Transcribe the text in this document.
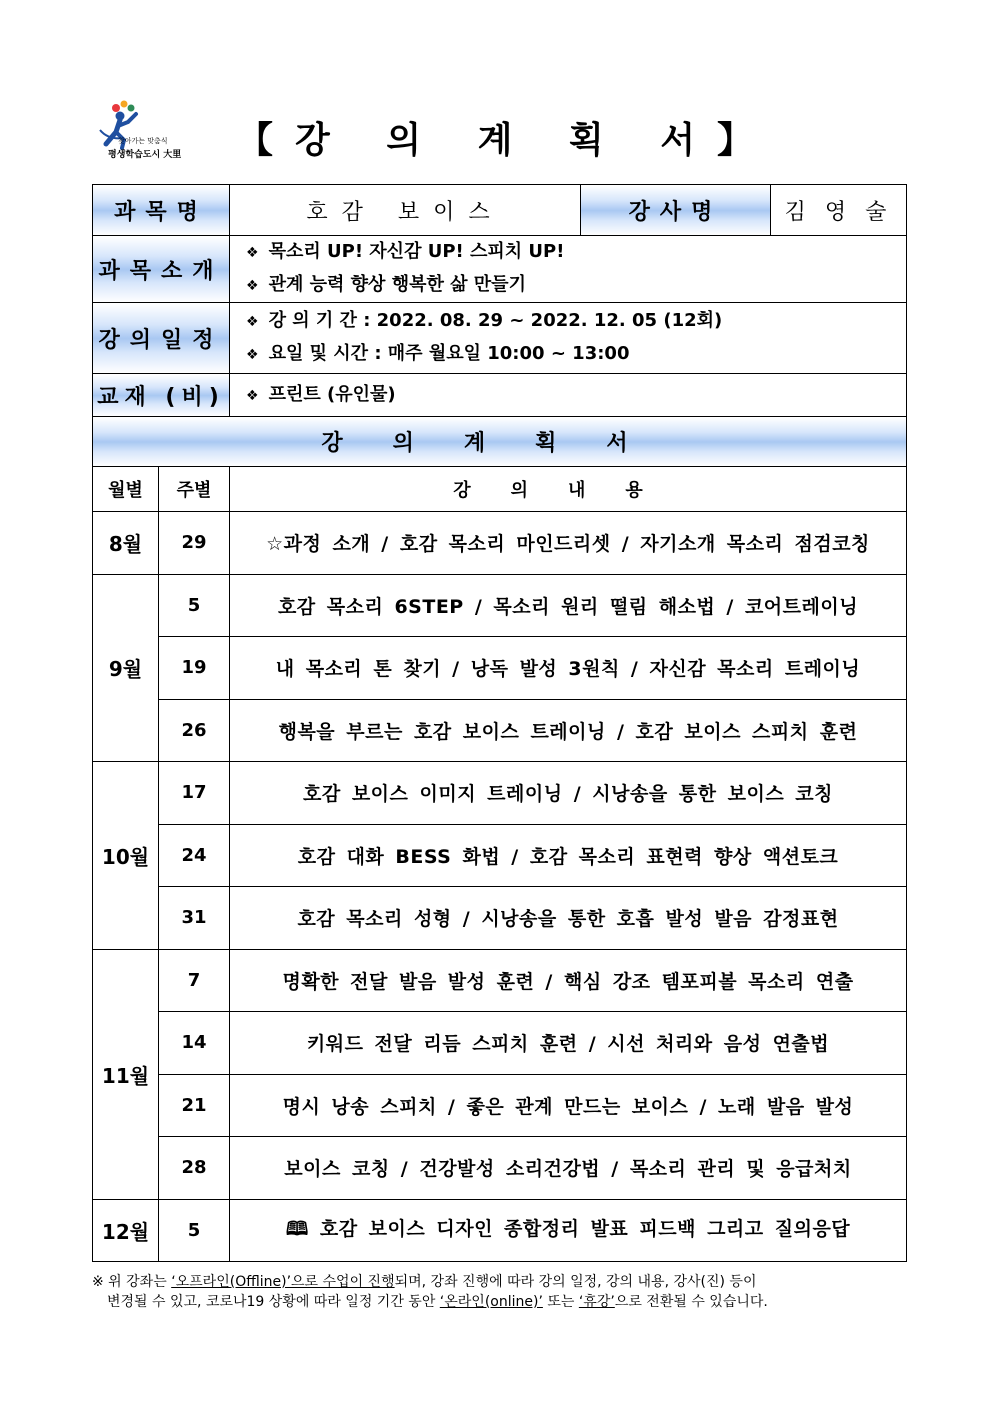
찾아가는 맞춤식
평생학습도시 大里	【강 의 계 획 서】
과목명		호감 보이스	강사명	김 영 술
과목소개		❖ 목소리 UP! 자신감 UP! 스피치 UP!
❖ 관계 능력 향상 행복한 삶 만들기		

강의일정		❖ 강 의 기 간 : 2022. 08. 29 ~ 2022. 12. 05 (12회)
❖ 요일 및 시간 : 매주 월요일 10:00 ~ 13:00		

교재 (비)		❖ 프린트 (유인물)		
강의계획서				
월별	주별	강의내용		
8월	29	☆과정 소개 / 호감 목소리 마인드리셋 / 자기소개 목소리 점검코칭		
9월	5	호감 목소리 6STEP / 목소리 원리 떨림 해소법 / 코어트레이닝		
	19	내 목소리 톤 찾기 / 낭독 발성 3원칙 / 자신감 목소리 트레이닝		
	26	행복을 부르는 호감 보이스 트레이닝 / 호감 보이스 스피치 훈련		
10월	17	호감 보이스 이미지 트레이닝 / 시낭송을 통한 보이스 코칭		
	24	호감 대화 BESS 화법 / 호감 목소리 표현력 향상 액션토크		
	31	호감 목소리 성형 / 시낭송을 통한 호흡 발성 발음 감정표현		
11월	7	명확한 전달 발음 발성 훈련 / 핵심 강조 템포피볼 목소리 연출		
	14	키워드 전달 리듬 스피치 훈련 / 시선 처리와 음성 연출법		
	21	명시 낭송 스피치 / 좋은 관계 만드는 보이스 / 노래 발음 발성		
	28	보이스 코칭 / 건강발성 소리건강법 / 목소리 관리 및 응급처치		
12월	5	🕮 호감 보이스 디자인 종합정리 발표 피드백 그리고 질의응답		
※ 위 강좌는 ‘오프라인(Offline)’으로 수업이 진행되며, 강좌 진행에 따라 강의 일정, 강의 내용, 강사(진) 등이
변경될 수 있고, 코로나19 상황에 따라 일정 기간 동안 ‘온라인(online)’ 또는 ‘휴강’으로 전환될 수 있습니다.
